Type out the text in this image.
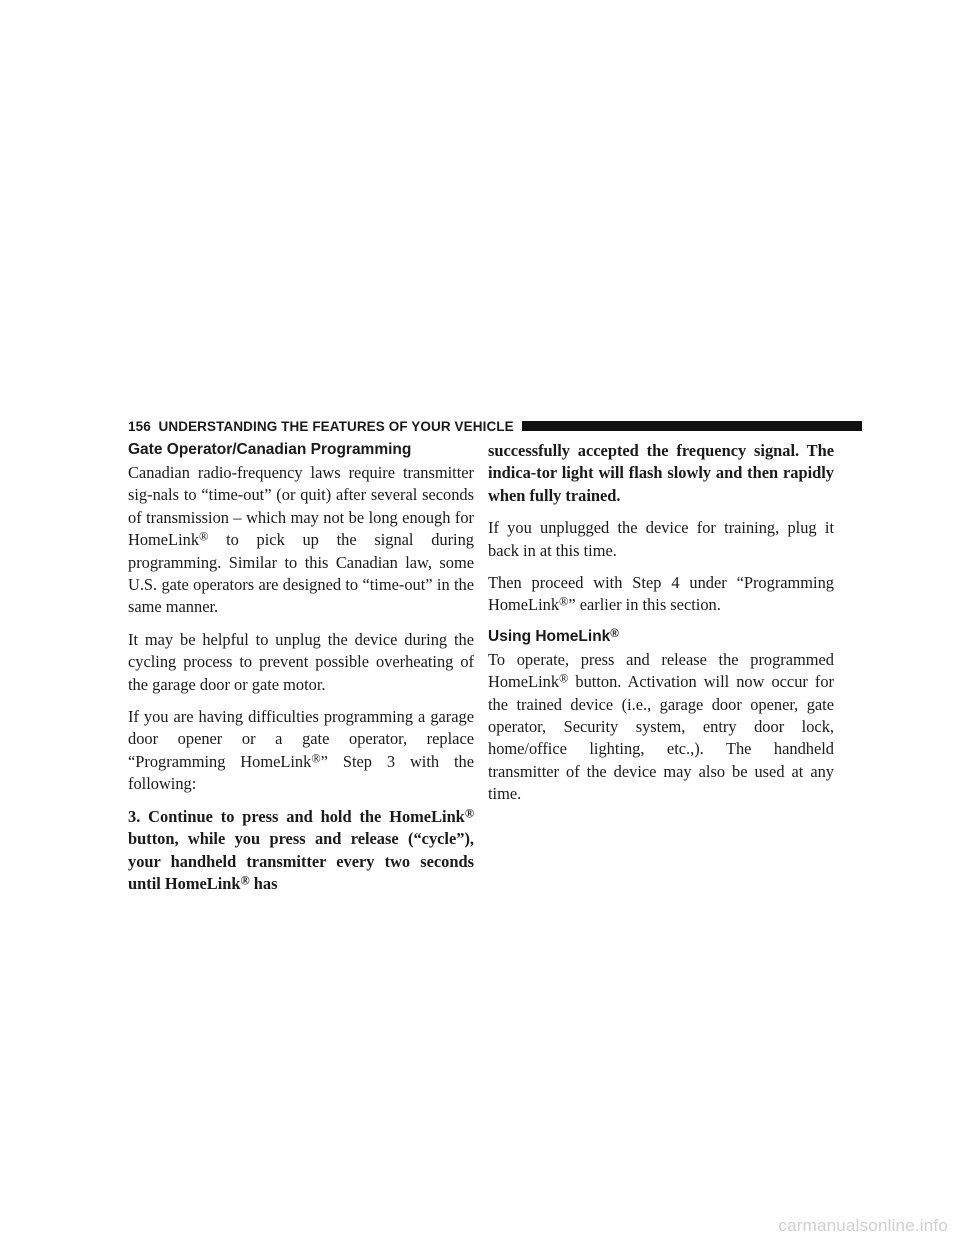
156 UNDERSTANDING THE FEATURES OF YOUR VEHICLE
Gate Operator/Canadian Programming

Canadian radio-frequency laws require transmitter sig-nals to “time-out” (or quit) after several seconds of transmission – which may not be long enough for HomeLink® to pick up the signal during programming. Similar to this Canadian law, some U.S. gate operators are designed to “time-out” in the same manner.

It may be helpful to unplug the device during the cycling process to prevent possible overheating of the garage door or gate motor.

If you are having difficulties programming a garage door opener or a gate operator, replace “Programming HomeLink®” Step 3 with the following:

3. Continue to press and hold the HomeLink® button, while you press and release (“cycle”), your handheld transmitter every two seconds until HomeLink® has

successfully accepted the frequency signal. The indica-tor light will flash slowly and then rapidly when fully trained.

If you unplugged the device for training, plug it back in at this time.

Then proceed with Step 4 under “Programming HomeLink®” earlier in this section.

Using HomeLink®

To operate, press and release the programmed HomeLink® button. Activation will now occur for the trained device (i.e., garage door opener, gate operator, Security system, entry door lock, home/office lighting, etc.,). The handheld transmitter of the device may also be used at any time.

carmanualsonline.info
